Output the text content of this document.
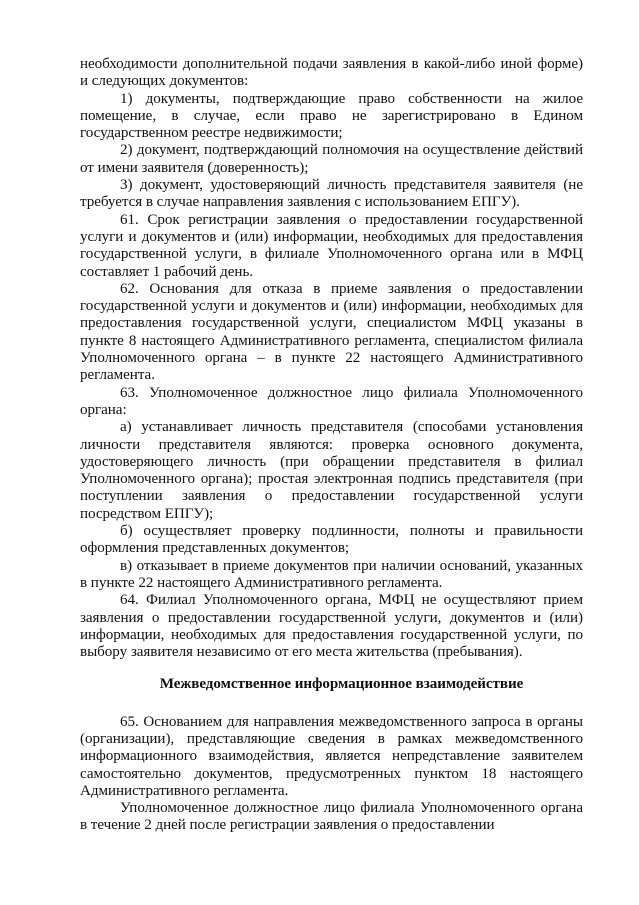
необходимости дополнительной подачи заявления в какой-либо иной форме) и следующих документов:

1) документы, подтверждающие право собственности на жилое помещение, в случае, если право не зарегистрировано в Едином государственном реестре недвижимости;

2) документ, подтверждающий полномочия на осуществление действий от имени заявителя (доверенность);

3) документ, удостоверяющий личность представителя заявителя (не требуется в случае направления заявления с использованием ЕПГУ).

61. Срок регистрации заявления о предоставлении государственной услуги и документов и (или) информации, необходимых для предоставления государственной услуги, в филиале Уполномоченного органа или в МФЦ составляет 1 рабочий день.

62. Основания для отказа в приеме заявления о предоставлении государственной услуги и документов и (или) информации, необходимых для предоставления государственной услуги, специалистом МФЦ указаны в пункте 8 настоящего Административного регламента, специалистом филиала Уполномоченного органа – в пункте 22 настоящего Административного регламента.

63. Уполномоченное должностное лицо филиала Уполномоченного органа:

а) устанавливает личность представителя (способами установления личности представителя являются: проверка основного документа, удостоверяющего личность (при обращении представителя в филиал Уполномоченного органа); простая электронная подпись представителя (при поступлении заявления о предоставлении государственной услуги посредством ЕПГУ);

б) осуществляет проверку подлинности, полноты и правильности оформления представленных документов;

в) отказывает в приеме документов при наличии оснований, указанных в пункте 22 настоящего Административного регламента.

64. Филиал Уполномоченного органа, МФЦ не осуществляют прием заявления о предоставлении государственной услуги, документов и (или) информации, необходимых для предоставления государственной услуги, по выбору заявителя независимо от его места жительства (пребывания).

Межведомственное информационное взаимодействие

65. Основанием для направления межведомственного запроса в органы (организации), представляющие сведения в рамках межведомственного информационного взаимодействия, является непредставление заявителем самостоятельно документов, предусмотренных пунктом 18 настоящего Административного регламента.

Уполномоченное должностное лицо филиала Уполномоченного органа в течение 2 дней после регистрации заявления о предоставлении
